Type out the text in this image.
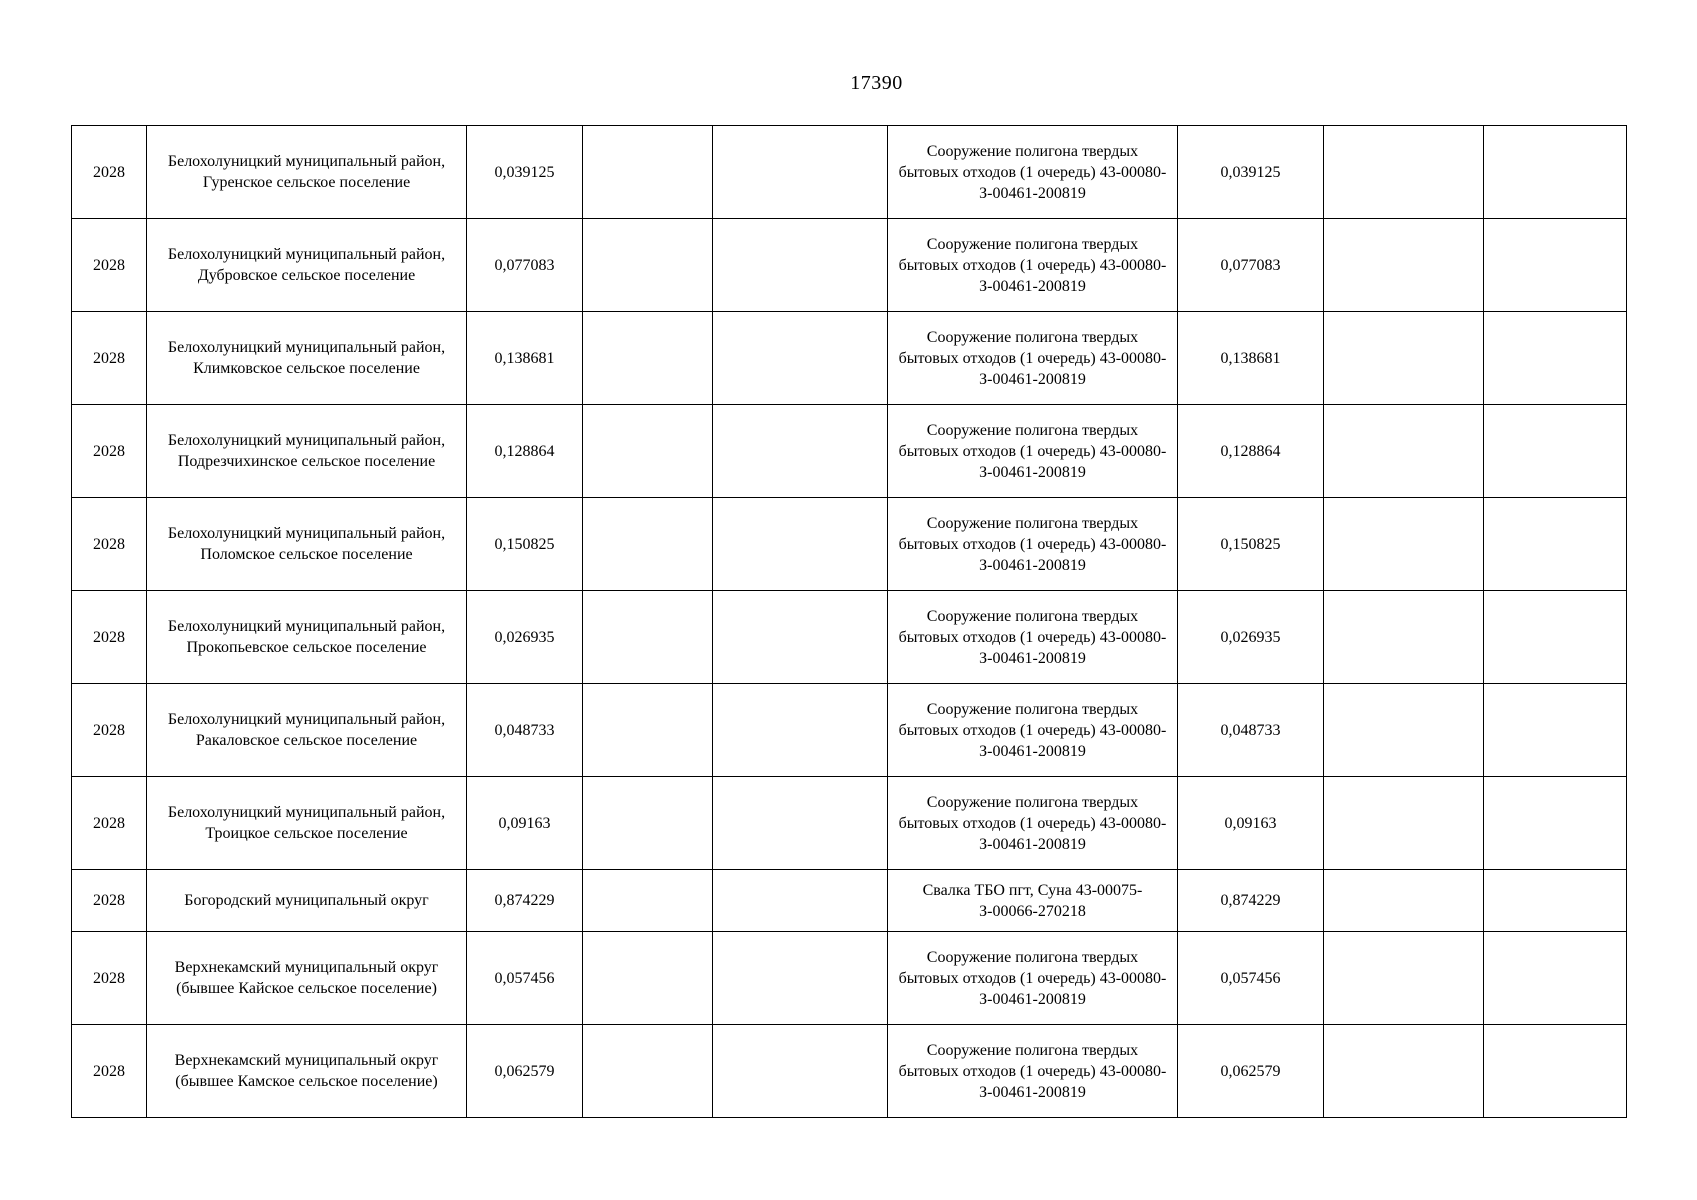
17390
2028	Белохолуницкий муниципальный район, Гуренское сельское поселение	0,039125			Сооружение полигона твердых бытовых отходов (1 очередь) 43-00080-З-00461-200819	0,039125		
2028	Белохолуницкий муниципальный район, Дубровское сельское поселение	0,077083			Сооружение полигона твердых бытовых отходов (1 очередь) 43-00080-З-00461-200819	0,077083		
2028	Белохолуницкий муниципальный район, Климковское сельское поселение	0,138681			Сооружение полигона твердых бытовых отходов (1 очередь) 43-00080-З-00461-200819	0,138681		
2028	Белохолуницкий муниципальный район, Подрезчихинское сельское поселение	0,128864			Сооружение полигона твердых бытовых отходов (1 очередь) 43-00080-З-00461-200819	0,128864		
2028	Белохолуницкий муниципальный район, Поломское сельское поселение	0,150825			Сооружение полигона твердых бытовых отходов (1 очередь) 43-00080-З-00461-200819	0,150825		
2028	Белохолуницкий муниципальный район, Прокопьевское сельское поселение	0,026935			Сооружение полигона твердых бытовых отходов (1 очередь) 43-00080-З-00461-200819	0,026935		
2028	Белохолуницкий муниципальный район, Ракаловское сельское поселение	0,048733			Сооружение полигона твердых бытовых отходов (1 очередь) 43-00080-З-00461-200819	0,048733		
2028	Белохолуницкий муниципальный район, Троицкое сельское поселение	0,09163			Сооружение полигона твердых бытовых отходов (1 очередь) 43-00080-З-00461-200819	0,09163		
2028	Богородский муниципальный округ	0,874229			Свалка ТБО пгт, Суна 43-00075-З-00066-270218	0,874229		
2028	Верхнекамский муниципальный округ (бывшее Кайское сельское поселение)	0,057456			Сооружение полигона твердых бытовых отходов (1 очередь) 43-00080-З-00461-200819	0,057456		
2028	Верхнекамский муниципальный округ (бывшее Камское сельское поселение)	0,062579			Сооружение полигона твердых бытовых отходов (1 очередь) 43-00080-З-00461-200819	0,062579		
